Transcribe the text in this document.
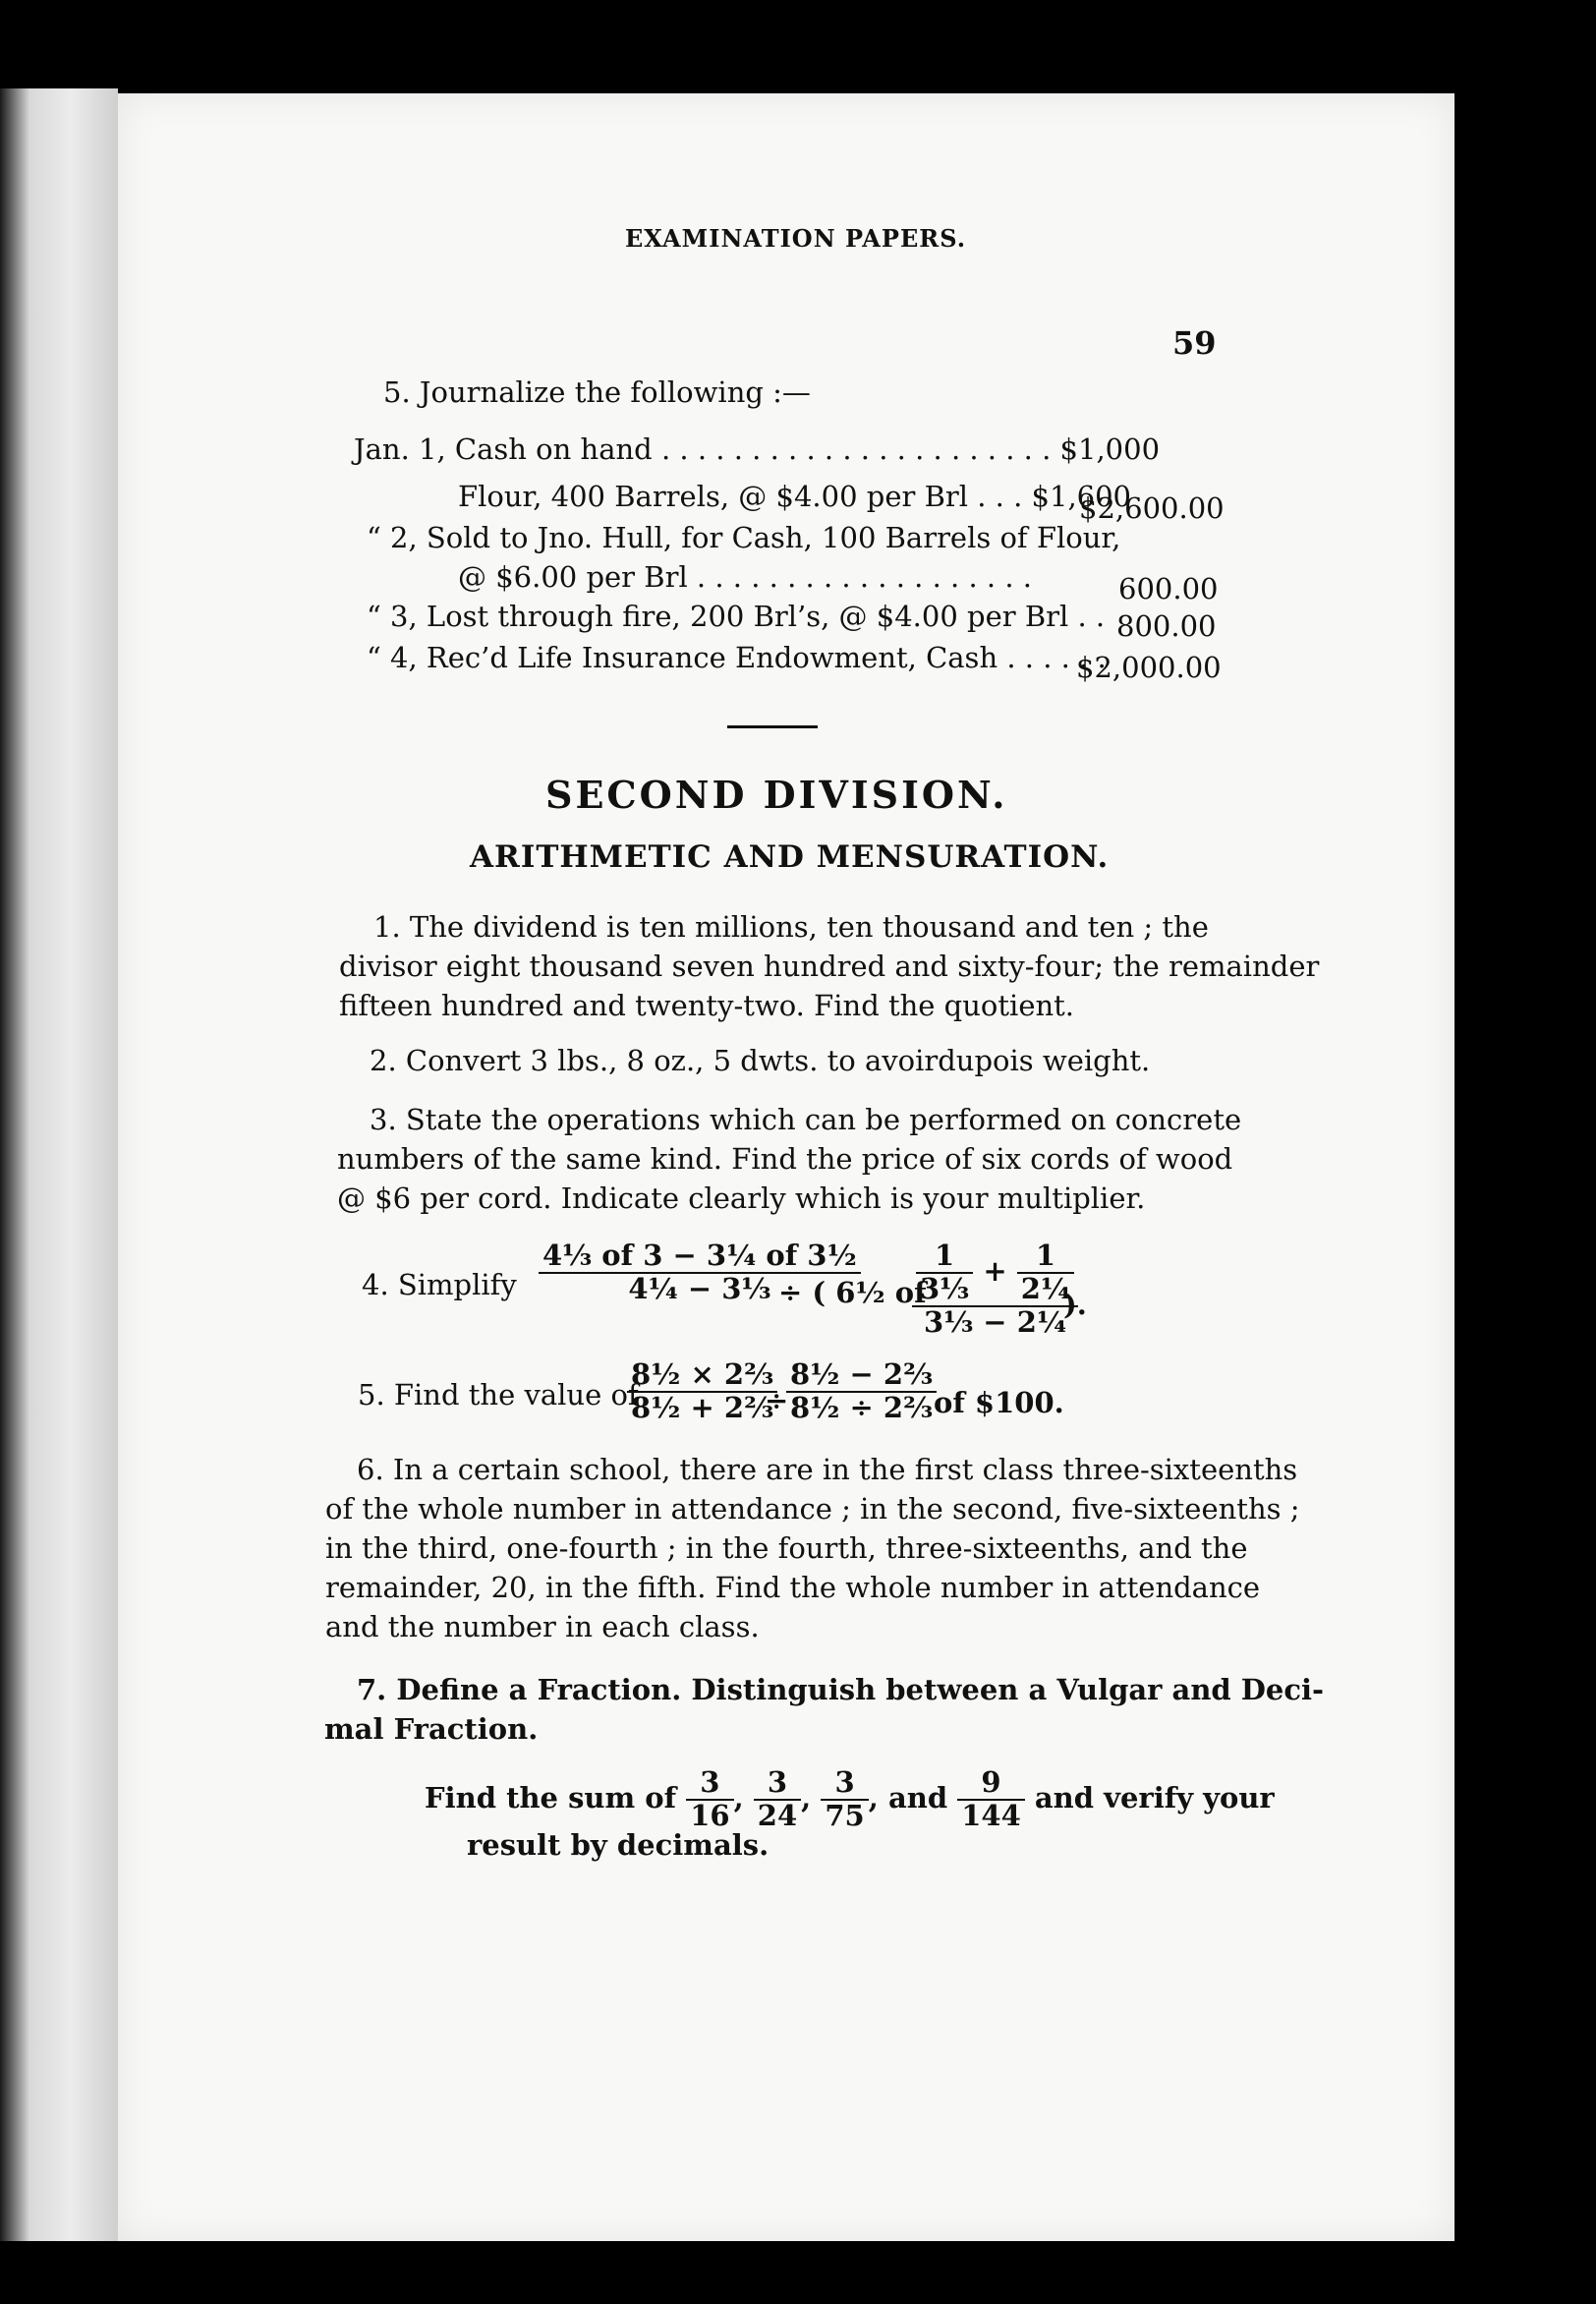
EXAMINATION PAPERS.
59
5. Journalize the following :—
Jan. 1, Cash on hand . . . . . . . . . . . . . . . . . . . . . . $1,000
Flour, 400 Barrels, @ $4.00 per Brl . . . $1,600
$2,600.00
“ 2, Sold to Jno. Hull, for Cash, 100 Barrels of Flour,
@ $6.00 per Brl . . . . . . . . . . . . . . . . . . .	600.00
“ 3, Lost through fire, 200 Brl’s, @ $4.00 per Brl . . 800.00
“ 4, Rec’d Life Insurance Endowment, Cash . . . . . .
$2,000.00
SECOND DIVISION.
ARITHMETIC AND MENSURATION.
1. The dividend is ten millions, ten thousand and ten ; the
divisor eight thousand seven hundred and sixty-four; the remainder
fifteen hundred and twenty-two. Find the quotient.
2. Convert 3 lbs., 8 oz., 5 dwts. to avoirdupois weight.
3. State the operations which can be performed on concrete
numbers of the same kind. Find the price of six cords of wood
@ $6 per cord. Indicate clearly which is your multiplier.
4. Simplify $\frac{\text{4⅓ of 3 − 3¼ of 3½}}{\text{4¼ − 3⅓}}$
÷ ( 6½ of
$\frac{\frac{1}{\text{3⅓}} + \frac{1}{\text{2¼}}}{\text{3⅓ − 2¼}}$
).
5. Find the value of
$\frac{\text{8½ × 2⅔}}{\text{8½ + 2⅔}}$
÷
$\frac{\text{8½ − 2⅔}}{\text{8½ ÷ 2⅔}}$
of $100.
6. In a certain school, there are in the first class three-sixteenths
of the whole number in attendance ; in the second, five-sixteenths ;
in the third, one-fourth ; in the fourth, three-sixteenths, and the
remainder, 20, in the fifth. Find the whole number in attendance
and the number in each class.
7. Define a Fraction. Distinguish between a Vulgar and Deci-
mal Fraction.
Find the sum of $\frac{3}{16}$ , $\frac{3}{24}$ , $\frac{3}{75}$ , and $\frac{9}{144}$ and verify your
result by decimals.
